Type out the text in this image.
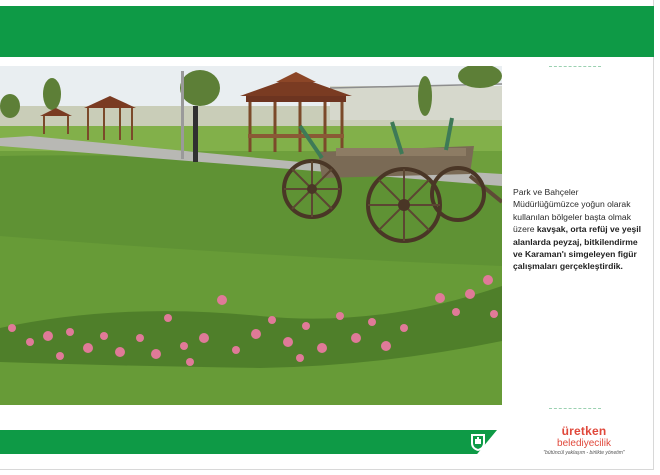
Park ve Bahçeler Müdürlüğümüzce yoğun olarak kullanılan bölgeler başta olmak üzere kavşak, orta refüj ve yeşil alanlarda peyzaj, bitkilendirme ve Karaman'ı simgeleyen figür çalışmaları gerçekleştirdik.

üretken
belediyecilik
"bütüncül yaklaşım - birlikte yönetim"
